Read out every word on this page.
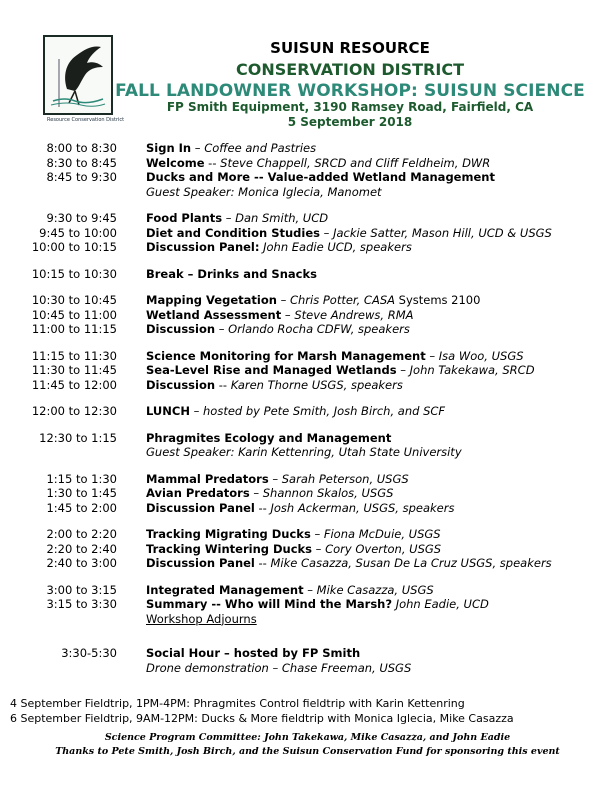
Resource Conservation District
SUISUN RESOURCE
CONSERVATION DISTRICT
FALL LANDOWNER WORKSHOP: SUISUN SCIENCE
FP Smith Equipment, 3190 Ramsey Road, Fairfield, CA
5 September 2018
8:00 to 8:30	Sign In – Coffee and Pastries
8:30 to 8:45	Welcome -- Steve Chappell, SRCD and Cliff Feldheim, DWR
8:45 to 9:30	Ducks and More -- Value-added Wetland Management
Guest Speaker: Monica Iglecia, Manomet
9:30 to 9:45	Food Plants – Dan Smith, UCD
9:45 to 10:00	Diet and Condition Studies – Jackie Satter, Mason Hill, UCD & USGS
10:00 to 10:15	Discussion Panel: John Eadie UCD, speakers
10:15 to 10:30	Break – Drinks and Snacks
10:30 to 10:45	Mapping Vegetation – Chris Potter, CASA Systems 2100
10:45 to 11:00	Wetland Assessment – Steve Andrews, RMA
11:00 to 11:15	Discussion – Orlando Rocha CDFW, speakers
11:15 to 11:30	Science Monitoring for Marsh Management – Isa Woo, USGS
11:30 to 11:45	Sea-Level Rise and Managed Wetlands – John Takekawa, SRCD
11:45 to 12:00	Discussion -- Karen Thorne USGS, speakers
12:00 to 12:30	LUNCH – hosted by Pete Smith, Josh Birch, and SCF
12:30 to 1:15	Phragmites Ecology and Management
Guest Speaker: Karin Kettenring, Utah State University
1:15 to 1:30	Mammal Predators – Sarah Peterson, USGS
1:30 to 1:45	Avian Predators – Shannon Skalos, USGS
1:45 to 2:00	Discussion Panel -- Josh Ackerman, USGS, speakers
2:00 to 2:20	Tracking Migrating Ducks – Fiona McDuie, USGS
2:20 to 2:40	Tracking Wintering Ducks – Cory Overton, USGS
2:40 to 3:00	Discussion Panel -- Mike Casazza, Susan De La Cruz USGS, speakers
3:00 to 3:15	Integrated Management – Mike Casazza, USGS
3:15 to 3:30	Summary -- Who will Mind the Marsh? John Eadie, UCD
Workshop Adjourns
3:30-5:30	Social Hour – hosted by FP Smith
Drone demonstration – Chase Freeman, USGS
4 September Fieldtrip, 1PM-4PM: Phragmites Control fieldtrip with Karin Kettenring
6 September Fieldtrip, 9AM-12PM: Ducks & More fieldtrip with Monica Iglecia, Mike Casazza
Science Program Committee: John Takekawa, Mike Casazza, and John Eadie
Thanks to Pete Smith, Josh Birch, and the Suisun Conservation Fund for sponsoring this event
